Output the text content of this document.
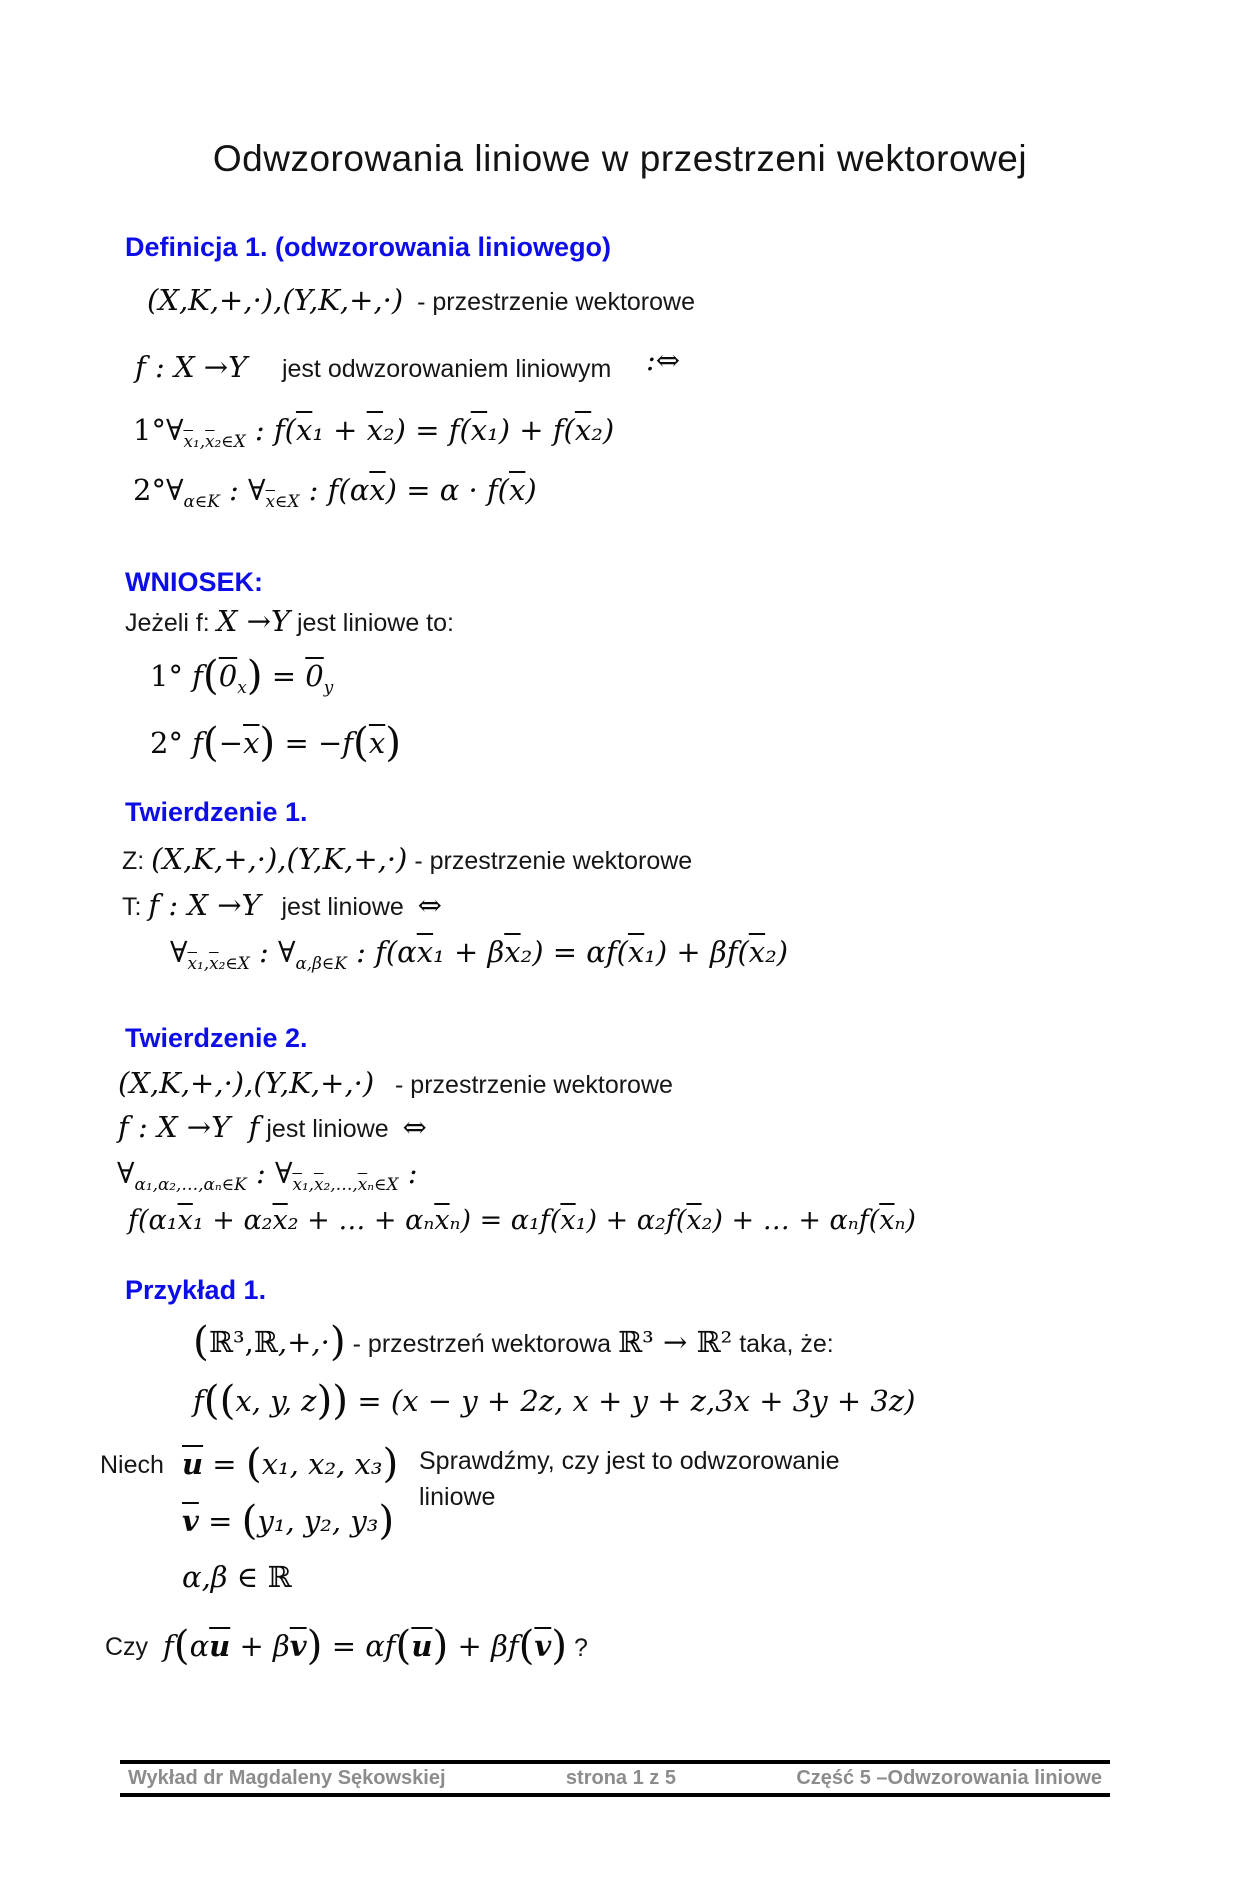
Odwzorowania liniowe w przestrzeni wektorowej
Definicja 1. (odwzorowania liniowego)
(X,K,+,·),(Y,K,+,·)  - przestrzenie wektorowe
f : X →Y     jest odwzorowaniem liniowym     :⇔
$1^\circ\forall_{\overline{x}_1,\overline{x}_2\in X}$ : $f(\overline{x}_1 + \overline{x}_2) = f(\overline{x}_1) + f(\overline{x}_2)$
$2^\circ\forall_{\alpha\in K}$ : $\forall_{\overline{x}\in X}$ : $f(\alpha\overline{x}) = \alpha \cdot f(\overline{x})$
WNIOSEK:
Jeżeli f: X →Y jest liniowe to:
1° $f(0_x) = 0_y$
2° $f(-\overline{x}) = -f(\overline{x})$
Twierdzenie 1.
Z: (X,K,+,·),(Y,K,+,·) - przestrzenie wektorowe
T: f : X →Y   jest liniowe  ⇔
$\forall_{\overline{x}_1,\overline{x}_2\in X}$ : $\forall_{\alpha,\beta\in K}$ : $f(\alpha\overline{x}_1 + \beta\overline{x}_2) = \alpha f(\overline{x}_1) + \beta f(\overline{x}_2)$
Twierdzenie 2.
(X,K,+,·),(Y,K,+,·)   - przestrzenie wektorowe
f : X →Y  f jest liniowe  ⇔
$\forall_{\alpha_1,\alpha_2,\dots,\alpha_n\in K}$ : $\forall_{\overline{x}_1,\overline{x}_2,\dots,\overline{x}_n\in X}$ :
$f(\alpha_1\overline{x}_1 + \alpha_2\overline{x}_2$ + … + $\alpha_n\overline{x}_n) = \alpha_1f(\overline{x}_1) + \alpha_2f(\overline{x}_2)$ + … + $\alpha_nf(\overline{x}_n)$
Przykład 1.
(ℝ³,ℝ,+,·) - przestrzeń wektorowa ℝ³ → ℝ² taka, że:
f((x, y, z)) = (x − y + 2z, x + y + z,3x + 3y + 3z)
Niech $\overline{u} = (x_1$, x₂, x₃)
$\overline{v} = (y_1$, y₂, y₃)
α,β ∈ ℝ
Sprawdźmy, czy jest to odwzorowanie liniowe
Czy $f(\alpha\overline{u} + \beta\overline{v}) = \alpha f(\overline{u}) + \beta f(\overline{v})$ ?
Wykład dr Magdaleny Sękowskiej	strona 1 z 5	Część 5 –Odwzorowania liniowe
